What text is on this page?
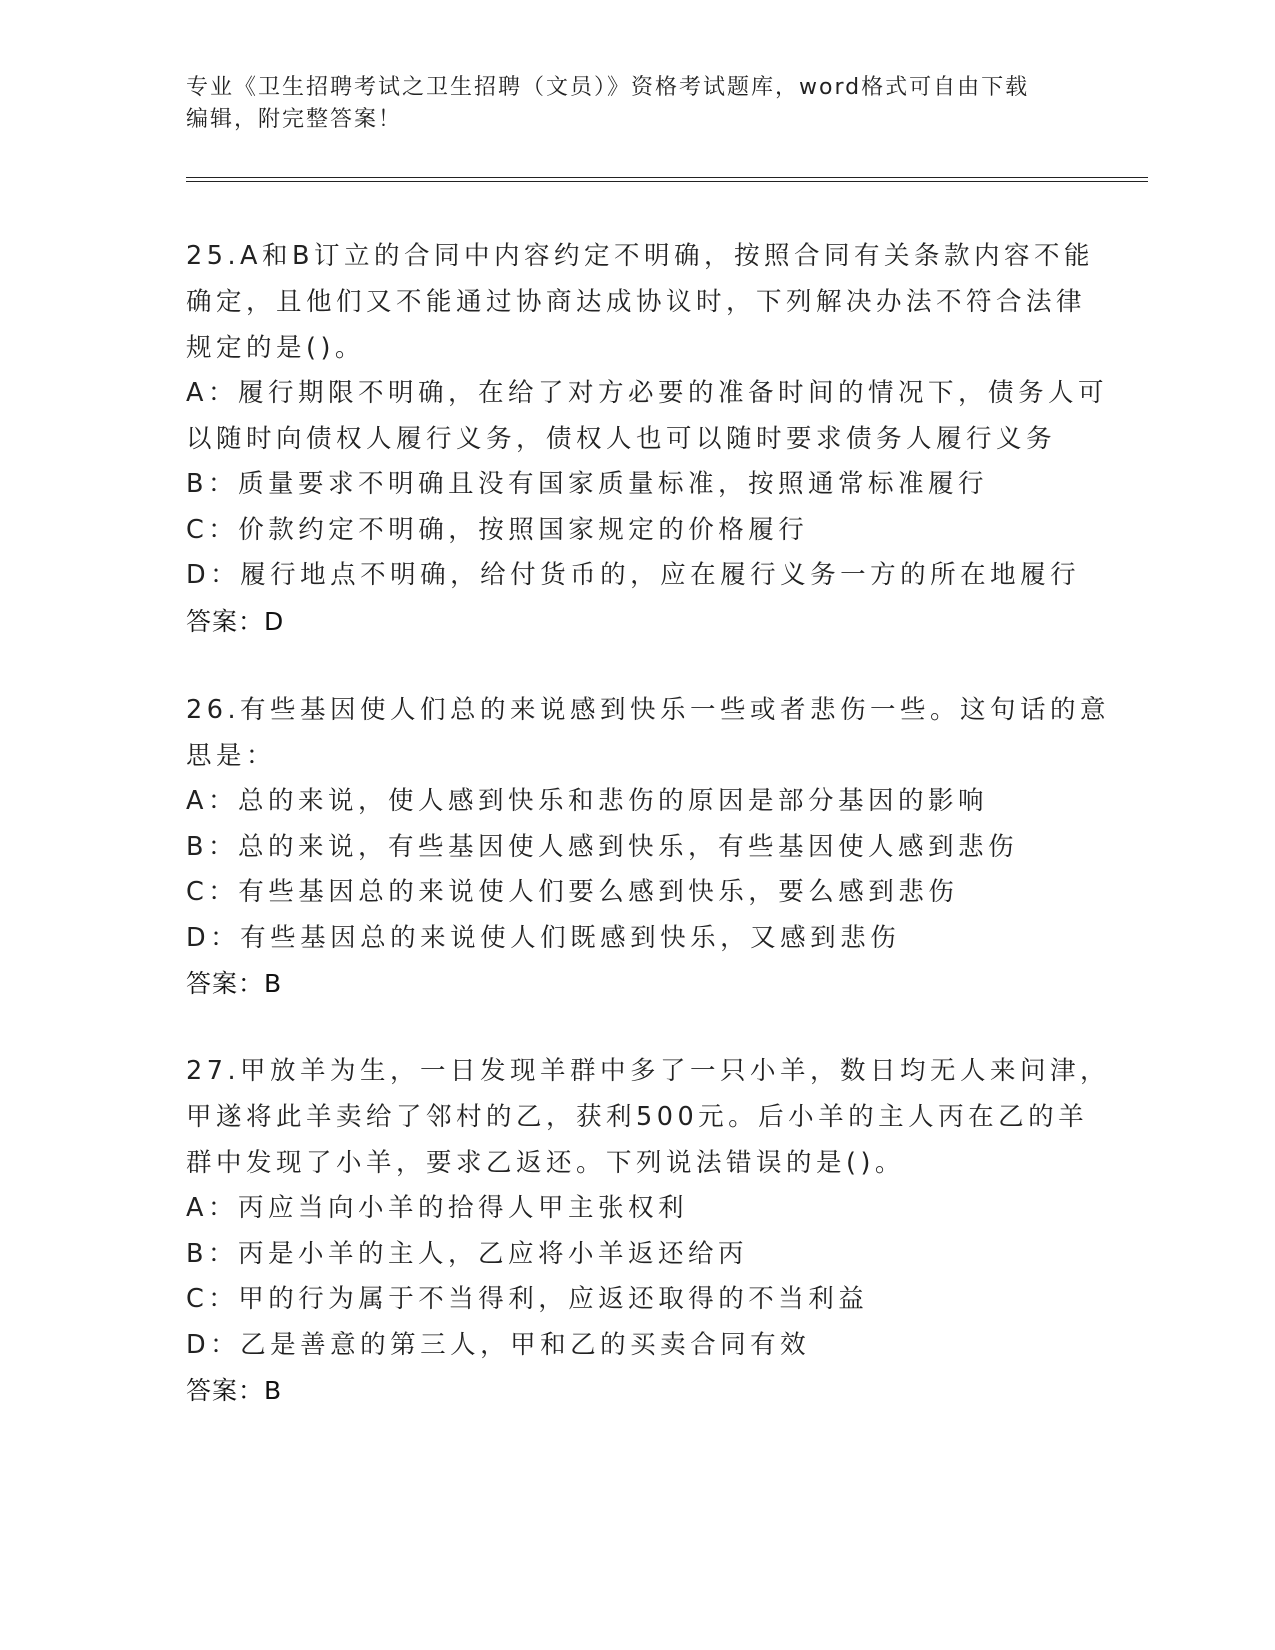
专业《卫生招聘考试之卫生招聘（文员）》资格考试题库，word格式可自由下载

编辑，附完整答案！

25.A和B订立的合同中内容约定不明确，按照合同有关条款内容不能

确定，且他们又不能通过协商达成协议时，下列解决办法不符合法律

规定的是()。

A：履行期限不明确，在给了对方必要的准备时间的情况下，债务人可

以随时向债权人履行义务，债权人也可以随时要求债务人履行义务

B：质量要求不明确且没有国家质量标准，按照通常标准履行

C：价款约定不明确，按照国家规定的价格履行

D：履行地点不明确，给付货币的，应在履行义务一方的所在地履行

答案：D

26.有些基因使人们总的来说感到快乐一些或者悲伤一些。这句话的意

思是：

A：总的来说，使人感到快乐和悲伤的原因是部分基因的影响

B：总的来说，有些基因使人感到快乐，有些基因使人感到悲伤

C：有些基因总的来说使人们要么感到快乐，要么感到悲伤

D：有些基因总的来说使人们既感到快乐，又感到悲伤

答案：B

27.甲放羊为生，一日发现羊群中多了一只小羊，数日均无人来问津，

甲遂将此羊卖给了邻村的乙，获利500元。后小羊的主人丙在乙的羊

群中发现了小羊，要求乙返还。下列说法错误的是()。

A：丙应当向小羊的拾得人甲主张权利

B：丙是小羊的主人，乙应将小羊返还给丙

C：甲的行为属于不当得利，应返还取得的不当利益

D：乙是善意的第三人，甲和乙的买卖合同有效

答案：B
